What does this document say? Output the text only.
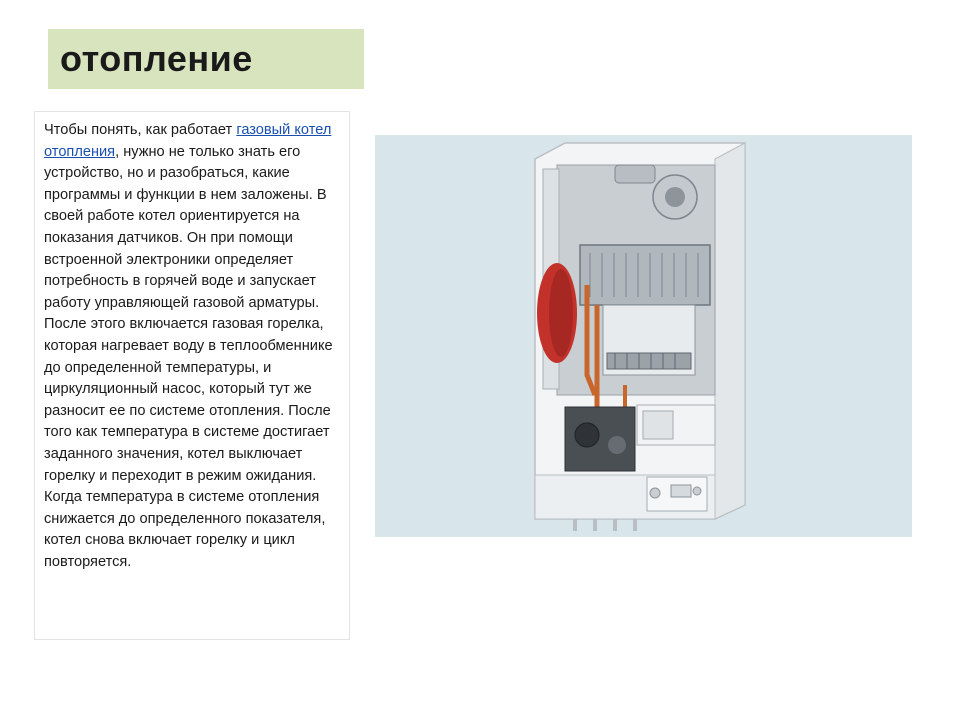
отопление

Чтобы понять, как работает газовый котел отопления, нужно не только знать его устройство, но и разобраться, какие программы и функции в нем заложены. В своей работе котел ориентируется на показания датчиков. Он при помощи встроенной электроники определяет потребность в горячей воде и запускает работу управляющей газовой арматуры. После этого включается газовая горелка, которая нагревает воду в теплообменнике до определенной температуры, и циркуляционный насос, который тут же разносит ее по системе отопления. После того как температура в системе достигает заданного значения, котел выключает горелку и переходит в режим ожидания. Когда температура в системе отопления снижается до определенного показателя, котел снова включает горелку и цикл повторяется.
